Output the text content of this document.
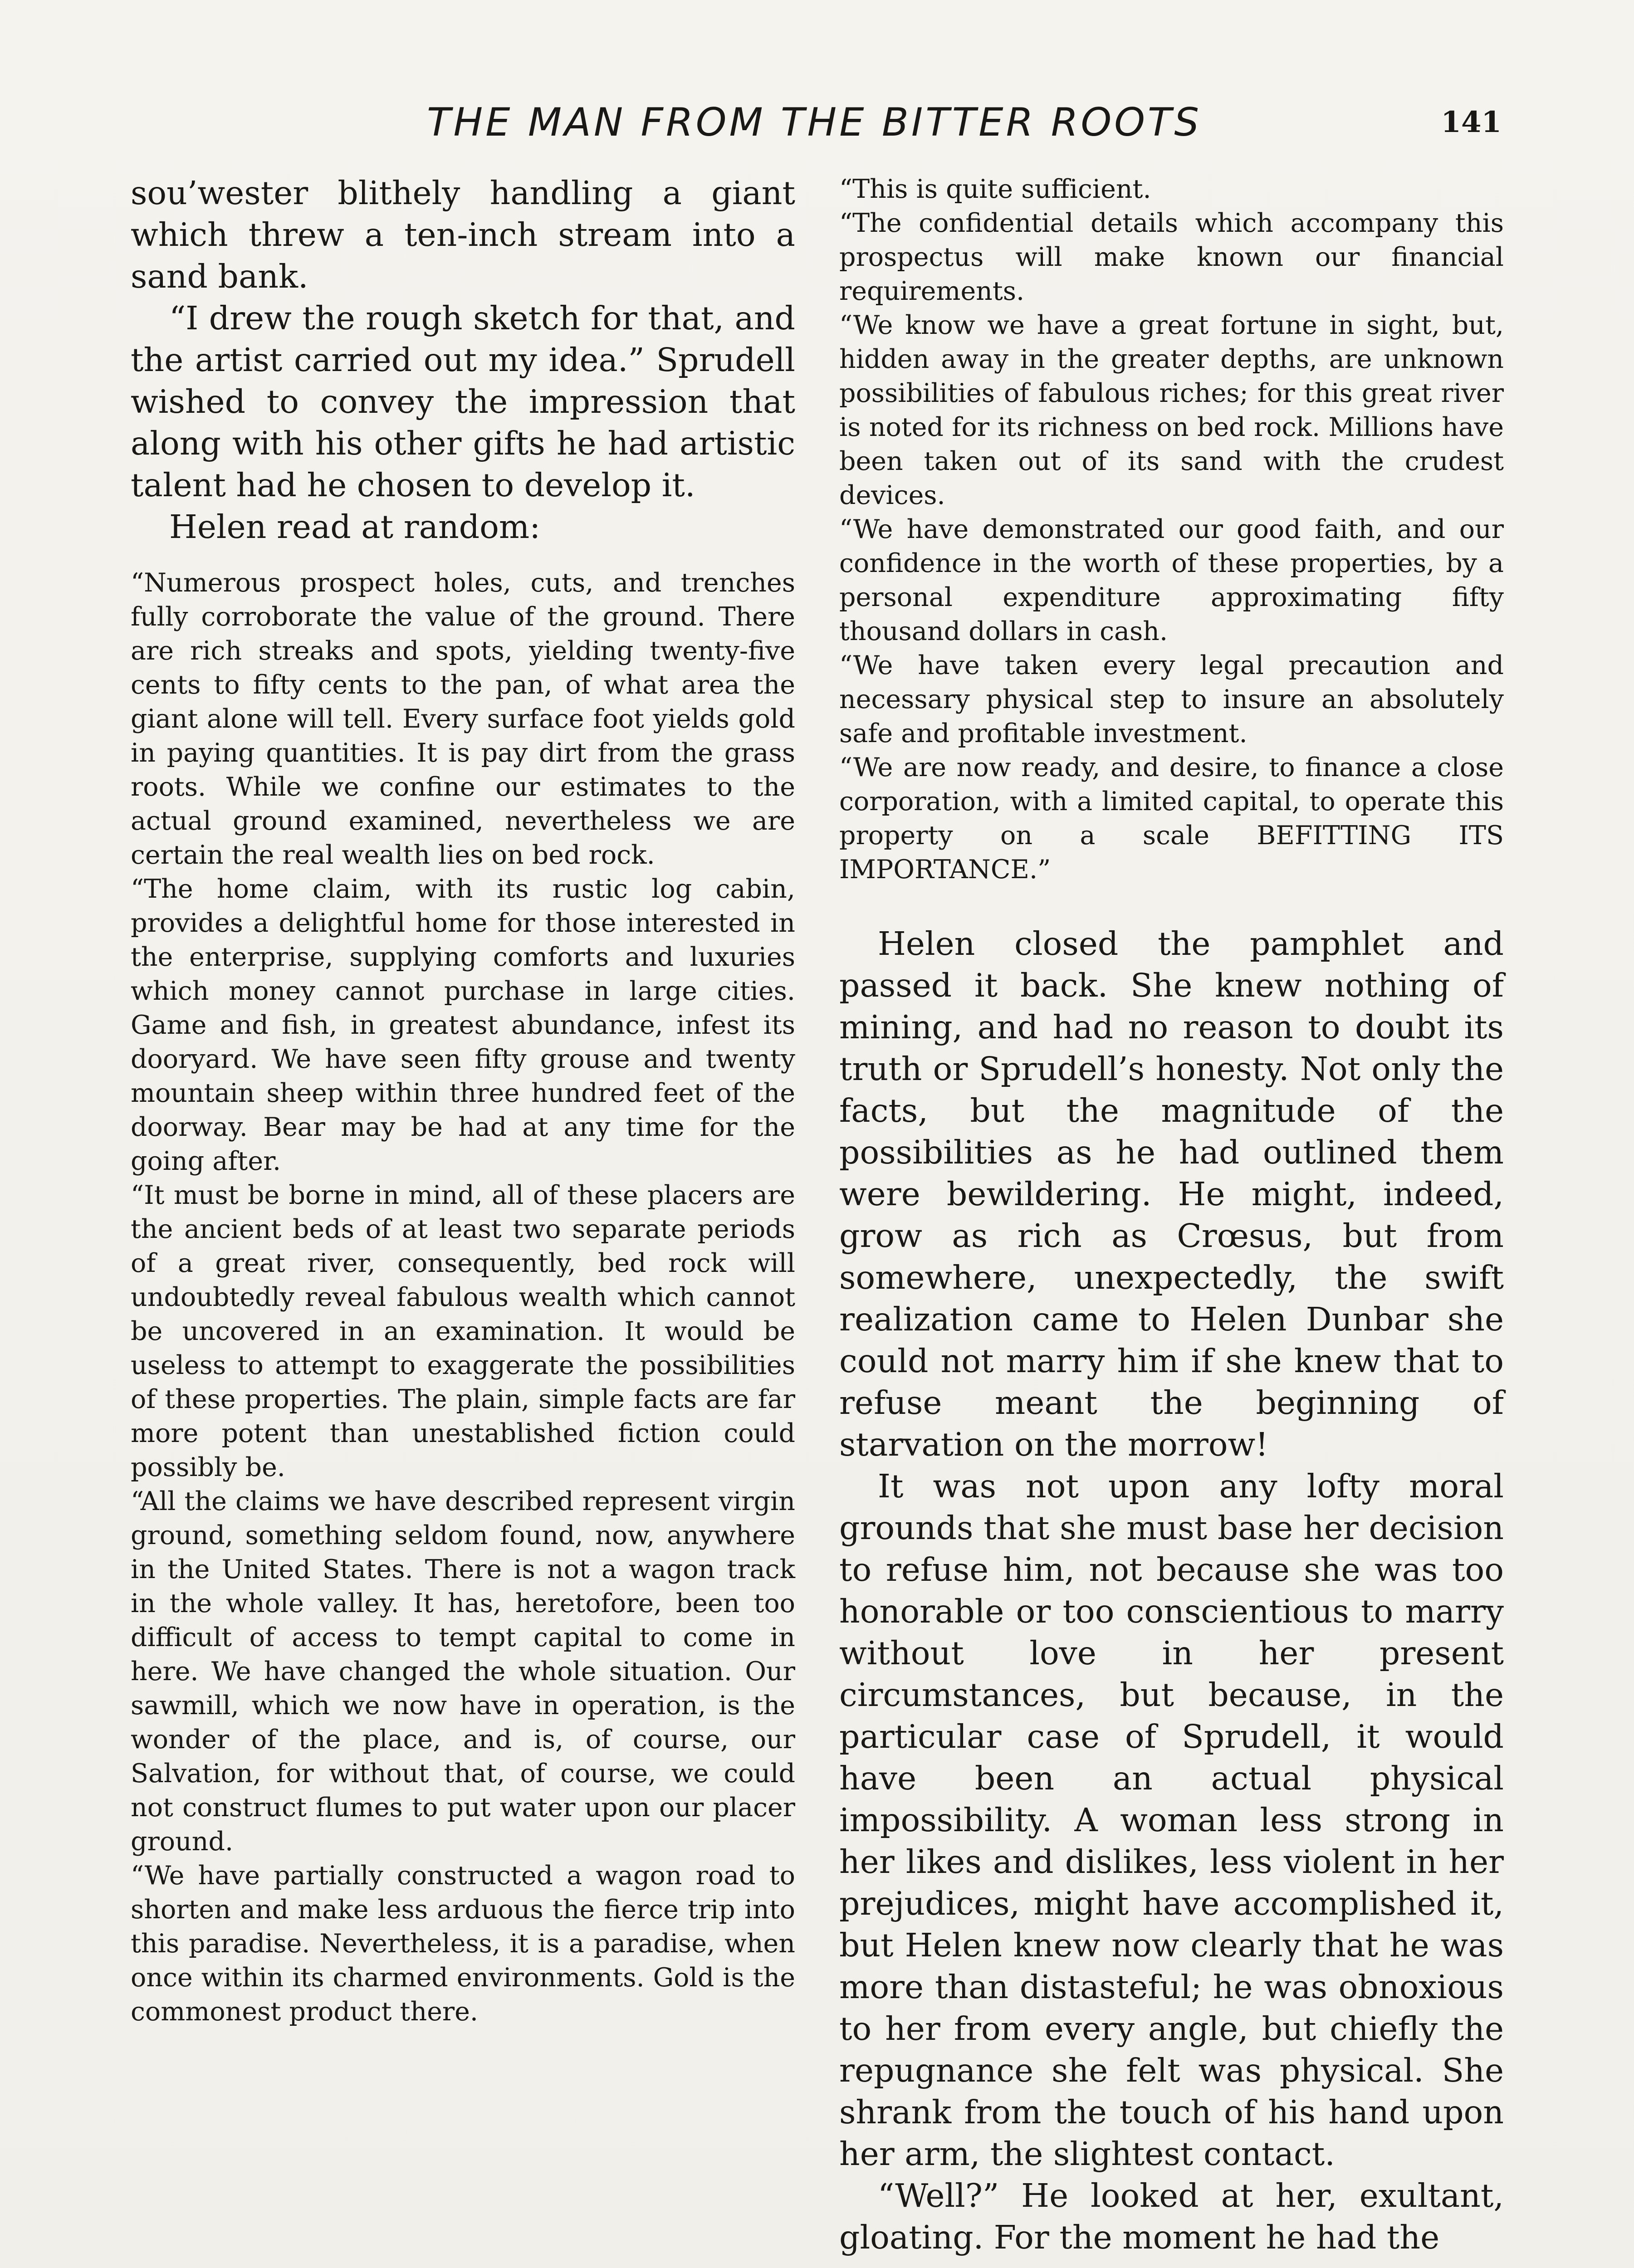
THE MAN FROM THE BITTER ROOTS	141

sou’wester blithely handling a giant which threw a ten-inch stream into a sand bank.

“I drew the rough sketch for that, and the artist carried out my idea.” Sprudell wished to convey the impression that along with his other gifts he had artistic talent had he chosen to develop it.

Helen read at random:

“Numerous prospect holes, cuts, and trenches fully corroborate the value of the ground. There are rich streaks and spots, yielding twenty-five cents to fifty cents to the pan, of what area the giant alone will tell. Every surface foot yields gold in paying quantities. It is pay dirt from the grass roots. While we confine our estimates to the actual ground examined, nevertheless we are certain the real wealth lies on bed rock.

“The home claim, with its rustic log cabin, provides a delightful home for those interested in the enterprise, supplying comforts and luxuries which money cannot purchase in large cities. Game and fish, in greatest abundance, infest its dooryard. We have seen fifty grouse and twenty mountain sheep within three hundred feet of the doorway. Bear may be had at any time for the going after.

“It must be borne in mind, all of these placers are the ancient beds of at least two separate periods of a great river, consequently, bed rock will undoubtedly reveal fabulous wealth which cannot be uncovered in an examination. It would be useless to attempt to exaggerate the possibilities of these properties. The plain, simple facts are far more potent than unestablished fiction could possibly be.

“All the claims we have described represent virgin ground, something seldom found, now, anywhere in the United States. There is not a wagon track in the whole valley. It has, heretofore, been too difficult of access to tempt capital to come in here. We have changed the whole situation. Our sawmill, which we now have in operation, is the wonder of the place, and is, of course, our Salvation, for without that, of course, we could not construct flumes to put water upon our placer ground.

“We have partially constructed a wagon road to shorten and make less arduous the fierce trip into this paradise. Nevertheless, it is a paradise, when once within its charmed environments. Gold is the commonest product there.

“This is quite sufficient.

“The confidential details which accompany this prospectus will make known our financial requirements.

“We know we have a great fortune in sight, but, hidden away in the greater depths, are unknown possibilities of fabulous riches; for this great river is noted for its richness on bed rock. Millions have been taken out of its sand with the crudest devices.

“We have demonstrated our good faith, and our confidence in the worth of these properties, by a personal expenditure approximating fifty thousand dollars in cash.

“We have taken every legal precaution and necessary physical step to insure an absolutely safe and profitable investment.

“We are now ready, and desire, to finance a close corporation, with a limited capital, to operate this property on a scale BEFITTING ITS IMPORTANCE.”

Helen closed the pamphlet and passed it back. She knew nothing of mining, and had no reason to doubt its truth or Sprudell’s honesty. Not only the facts, but the magnitude of the possibilities as he had outlined them were bewildering. He might, indeed, grow as rich as Crœsus, but from somewhere, unexpectedly, the swift realization came to Helen Dunbar she could not marry him if she knew that to refuse meant the beginning of starvation on the morrow!

It was not upon any lofty moral grounds that she must base her decision to refuse him, not because she was too honorable or too conscientious to marry without love in her present circumstances, but because, in the particular case of Sprudell, it would have been an actual physical impossibility. A woman less strong in her likes and dislikes, less violent in her prejudices, might have accomplished it, but Helen knew now clearly that he was more than distasteful; he was obnoxious to her from every angle, but chiefly the repugnance she felt was physical. She shrank from the touch of his hand upon her arm, the slightest contact.

“Well?” He looked at her, exultant, gloating. For the moment he had the
